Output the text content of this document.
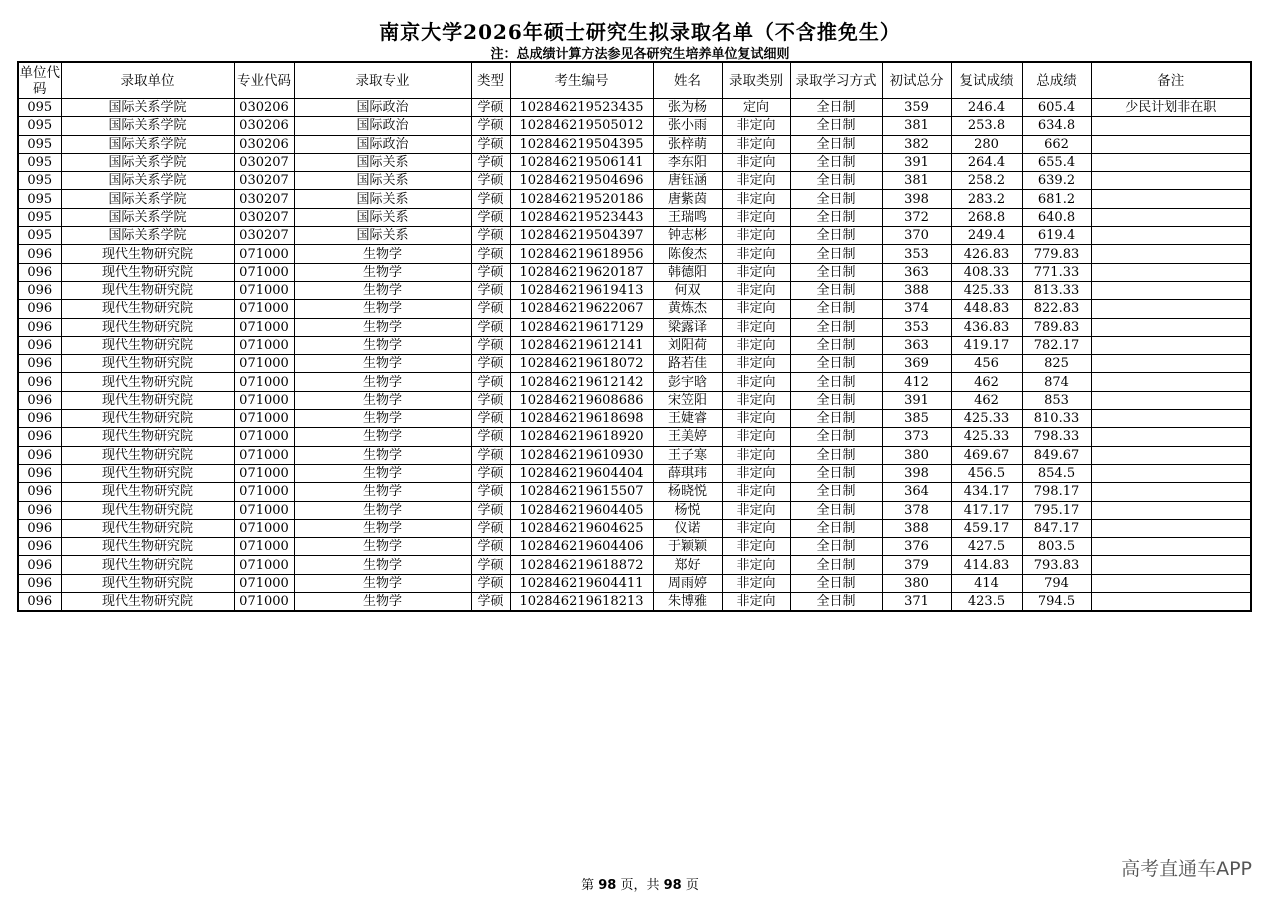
南京大学2026年硕士研究生拟录取名单（不含推免生）
注：总成绩计算方法参见各研究生培养单位复试细则
单位代码	录取单位	专业代码	录取专业	类型	考生编号	姓名	录取类别	录取学习方式	初试总分	复试成绩	总成绩	备注
095	国际关系学院	030206	国际政治	学硕	102846219523435	张为杨	定向	全日制	359	246.4	605.4	少民计划非在职
095	国际关系学院	030206	国际政治	学硕	102846219505012	张小雨	非定向	全日制	381	253.8	634.8	
095	国际关系学院	030206	国际政治	学硕	102846219504395	张梓萌	非定向	全日制	382	280	662	
095	国际关系学院	030207	国际关系	学硕	102846219506141	李东阳	非定向	全日制	391	264.4	655.4	
095	国际关系学院	030207	国际关系	学硕	102846219504696	唐钰涵	非定向	全日制	381	258.2	639.2	
095	国际关系学院	030207	国际关系	学硕	102846219520186	唐紫茵	非定向	全日制	398	283.2	681.2	
095	国际关系学院	030207	国际关系	学硕	102846219523443	王瑞鸣	非定向	全日制	372	268.8	640.8	
095	国际关系学院	030207	国际关系	学硕	102846219504397	钟志彬	非定向	全日制	370	249.4	619.4	
096	现代生物研究院	071000	生物学	学硕	102846219618956	陈俊杰	非定向	全日制	353	426.83	779.83	
096	现代生物研究院	071000	生物学	学硕	102846219620187	韩德阳	非定向	全日制	363	408.33	771.33	
096	现代生物研究院	071000	生物学	学硕	102846219619413	何双	非定向	全日制	388	425.33	813.33	
096	现代生物研究院	071000	生物学	学硕	102846219622067	黄炼杰	非定向	全日制	374	448.83	822.83	
096	现代生物研究院	071000	生物学	学硕	102846219617129	梁露译	非定向	全日制	353	436.83	789.83	
096	现代生物研究院	071000	生物学	学硕	102846219612141	刘阳荷	非定向	全日制	363	419.17	782.17	
096	现代生物研究院	071000	生物学	学硕	102846219618072	路若佳	非定向	全日制	369	456	825	
096	现代生物研究院	071000	生物学	学硕	102846219612142	彭宇晗	非定向	全日制	412	462	874	
096	现代生物研究院	071000	生物学	学硕	102846219608686	宋笠阳	非定向	全日制	391	462	853	
096	现代生物研究院	071000	生物学	学硕	102846219618698	王婕睿	非定向	全日制	385	425.33	810.33	
096	现代生物研究院	071000	生物学	学硕	102846219618920	王美婷	非定向	全日制	373	425.33	798.33	
096	现代生物研究院	071000	生物学	学硕	102846219610930	王子寒	非定向	全日制	380	469.67	849.67	
096	现代生物研究院	071000	生物学	学硕	102846219604404	薛琪玮	非定向	全日制	398	456.5	854.5	
096	现代生物研究院	071000	生物学	学硕	102846219615507	杨晓悦	非定向	全日制	364	434.17	798.17	
096	现代生物研究院	071000	生物学	学硕	102846219604405	杨悦	非定向	全日制	378	417.17	795.17	
096	现代生物研究院	071000	生物学	学硕	102846219604625	仪诺	非定向	全日制	388	459.17	847.17	
096	现代生物研究院	071000	生物学	学硕	102846219604406	于颖颖	非定向	全日制	376	427.5	803.5	
096	现代生物研究院	071000	生物学	学硕	102846219618872	郑好	非定向	全日制	379	414.83	793.83	
096	现代生物研究院	071000	生物学	学硕	102846219604411	周雨婷	非定向	全日制	380	414	794	
096	现代生物研究院	071000	生物学	学硕	102846219618213	朱博雅	非定向	全日制	371	423.5	794.5	
第 98 页，共 98 页
高考直通车APP
